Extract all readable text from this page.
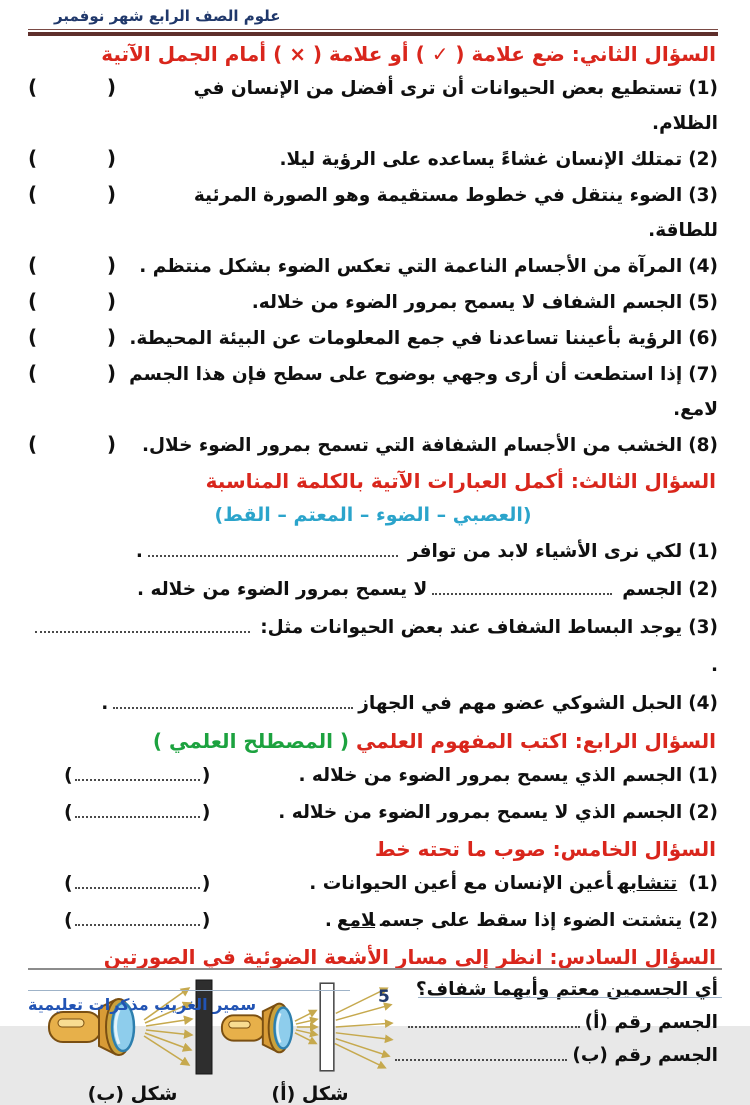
علوم الصف الرابع شهر نوفمبر
السؤال الثاني: ضع علامة ( ✓ ) أو علامة ( × ) أمام الجمل الآتية
(1)تستطيع بعض الحيوانات أن ترى أفضل من الإنسان في الظلام.
(	)
(2)تمتلك الإنسان غشاءً يساعده على الرؤية ليلا.
(	)
(3)الضوء ينتقل في خطوط مستقيمة وهو الصورة المرئية للطاقة.
(	)
(4)المرآة من الأجسام الناعمة التي تعكس الضوء بشكل منتظم .
(	)
(5)الجسم الشفاف لا يسمح بمرور الضوء من خلاله.
(	)
(6)الرؤية بأعيننا تساعدنا في جمع المعلومات عن البيئة المحيطة.
(	)
(7)إذا استطعت أن أرى وجهي بوضوح على سطح فإن هذا الجسم لامع.
(	)
(8)الخشب من الأجسام الشفافة التي تسمح بمرور الضوء خلال.
(	)
السؤال الثالث: أكمل العبارات الآتية بالكلمة المناسبة
(العصبي – الضوء – المعتم – القط)
(1)لكي نرى الأشياء لابد من توافر.
(2)الجسملا يسمح بمرور الضوء من خلاله .
(3)يوجد البساط الشفاف عند بعض الحيوانات مثل:.
(4)الحبل الشوكي عضو مهم في الجهاز.
السؤال الرابع: اكتب المفهوم العلمي ( المصطلح العلمي )
(1)الجسم الذي يسمح بمرور الضوء من خلاله .
(	)
(2)الجسم الذي لا يسمح بمرور الضوء من خلاله .
(	)
السؤال الخامس: صوب ما تحته خط
(1)تتشابهأعين الإنسان مع أعين الحيوانات .
(	)
(2)يتشتت الضوء إذا سقط على جسملامع.
(	)
السؤال السادس: انظر إلى مسار الأشعة الضوئية في الصورتين
أي الجسمين معتم وأيهما شفاف؟
الجسم رقم (أ)
الجسم رقم (ب)
شكل (أ)
شكل (ب)
سمير الغريب مذكرات تعليمية	5
